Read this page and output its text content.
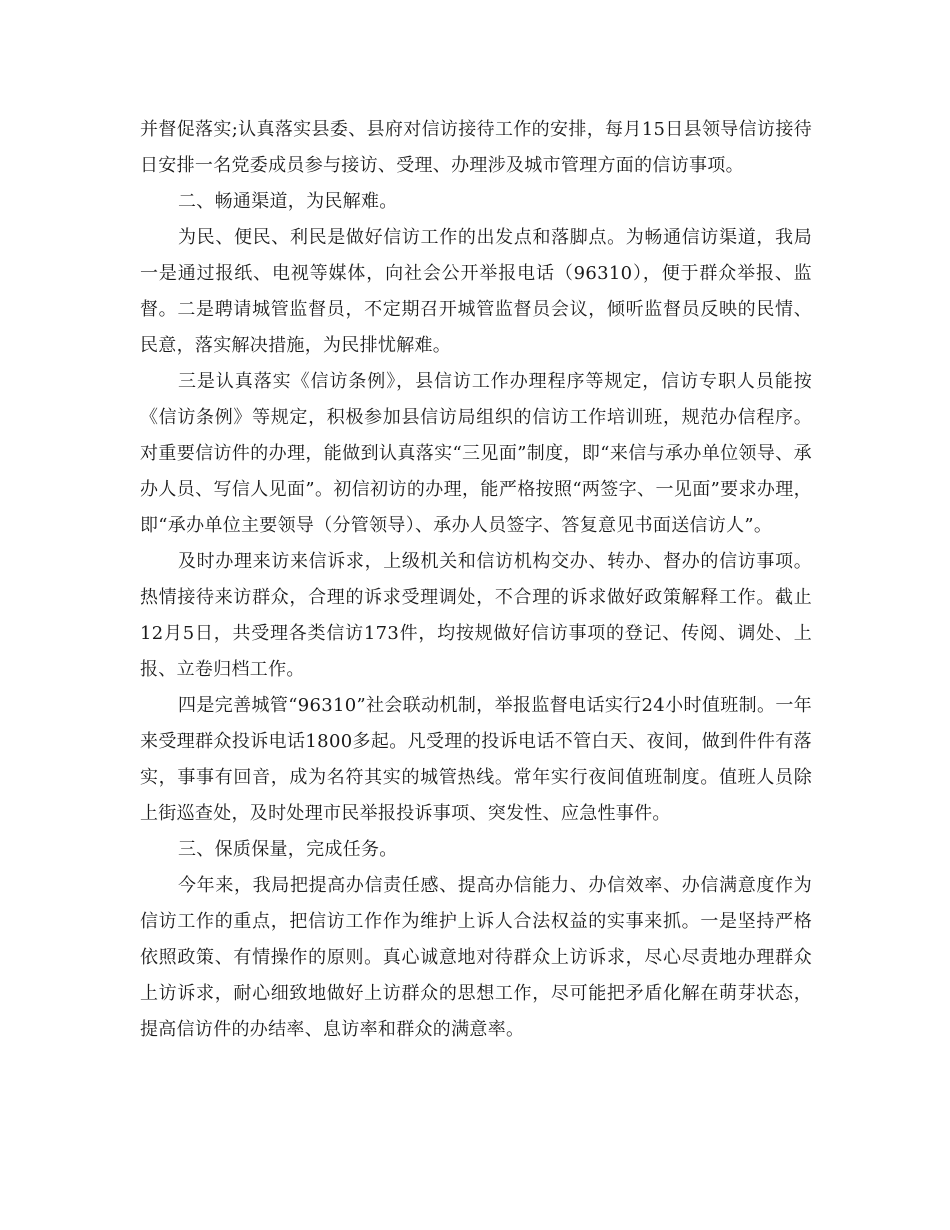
并督促落实;认真落实县委、县府对信访接待工作的安排，每月15日县领导信访接待日安排一名党委成员参与接访、受理、办理涉及城市管理方面的信访事项。

二、畅通渠道，为民解难。

为民、便民、利民是做好信访工作的出发点和落脚点。为畅通信访渠道，我局一是通过报纸、电视等媒体，向社会公开举报电话（96310），便于群众举报、监督。二是聘请城管监督员，不定期召开城管监督员会议，倾听监督员反映的民情、民意，落实解决措施，为民排忧解难。

三是认真落实《信访条例》，县信访工作办理程序等规定，信访专职人员能按《信访条例》等规定，积极参加县信访局组织的信访工作培训班，规范办信程序。对重要信访件的办理，能做到认真落实“三见面”制度，即“来信与承办单位领导、承办人员、写信人见面”。初信初访的办理，能严格按照“两签字、一见面”要求办理，即“承办单位主要领导（分管领导）、承办人员签字、答复意见书面送信访人”。

及时办理来访来信诉求，上级机关和信访机构交办、转办、督办的信访事项。热情接待来访群众，合理的诉求受理调处，不合理的诉求做好政策解释工作。截止12月5日，共受理各类信访173件，均按规做好信访事项的登记、传阅、调处、上报、立卷归档工作。

四是完善城管“96310”社会联动机制，举报监督电话实行24小时值班制。一年来受理群众投诉电话1800多起。凡受理的投诉电话不管白天、夜间，做到件件有落实，事事有回音，成为名符其实的城管热线。常年实行夜间值班制度。值班人员除上街巡查处，及时处理市民举报投诉事项、突发性、应急性事件。

三、保质保量，完成任务。

今年来，我局把提高办信责任感、提高办信能力、办信效率、办信满意度作为信访工作的重点，把信访工作作为维护上诉人合法权益的实事来抓。一是坚持严格依照政策、有情操作的原则。真心诚意地对待群众上访诉求，尽心尽责地办理群众上访诉求，耐心细致地做好上访群众的思想工作，尽可能把矛盾化解在萌芽状态，提高信访件的办结率、息访率和群众的满意率。
